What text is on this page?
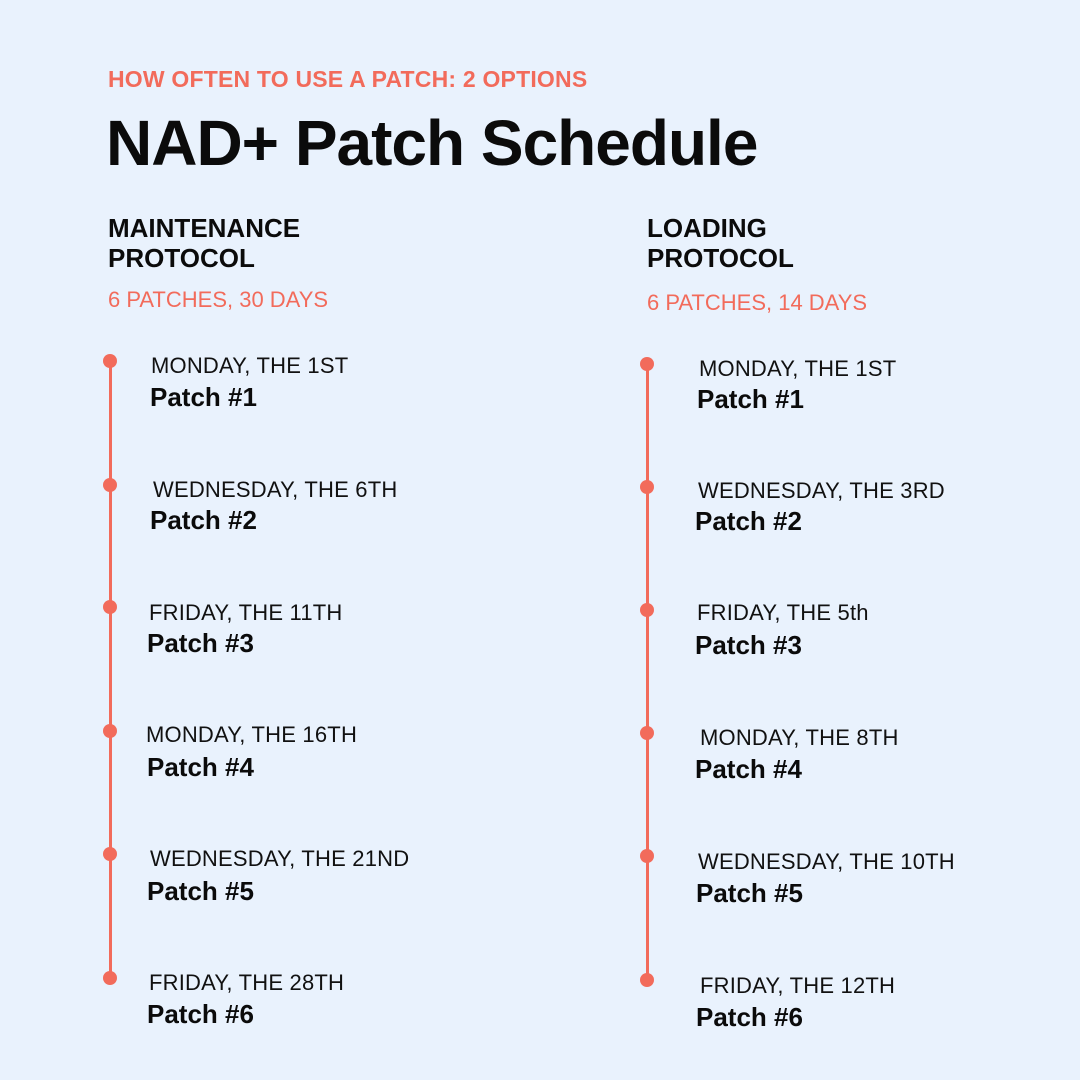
HOW OFTEN TO USE A PATCH: 2 OPTIONS
NAD+ Patch Schedule
MAINTENANCE
PROTOCOL
6 PATCHES, 30 DAYS
MONDAY, THE 1ST
Patch #1
WEDNESDAY, THE 6TH
Patch #2
FRIDAY, THE 11TH
Patch #3
MONDAY, THE 16TH
Patch #4
WEDNESDAY, THE 21ND
Patch #5
FRIDAY, THE 28TH
Patch #6
LOADING
PROTOCOL
6 PATCHES, 14 DAYS
MONDAY, THE 1ST
Patch #1
WEDNESDAY, THE 3RD
Patch #2
FRIDAY, THE 5th
Patch #3
MONDAY, THE 8TH
Patch #4
WEDNESDAY, THE 10TH
Patch #5
FRIDAY, THE 12TH
Patch #6
